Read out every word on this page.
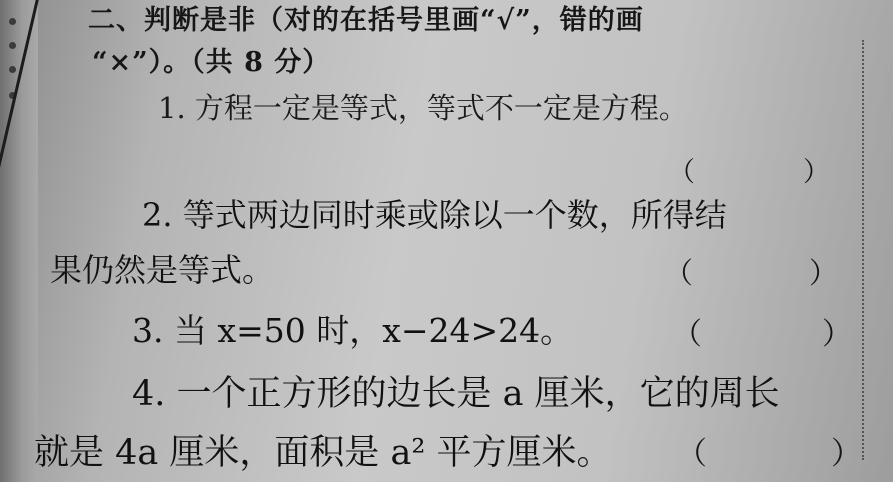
二、判断是非（对的在括号里画“√”，错的画
“×”）。（共 8 分）
1. 方程一定是等式，等式不一定是方程。
（　　　　）
2. 等式两边同时乘或除以一个数，所得结
果仍然是等式。	（　　　　）
3. 当 x=50 时，x−24>24。	（　　　　）
4. 一个正方形的边长是 a 厘米，它的周长
就是 4a 厘米，面积是 a² 平方厘米。 （　　　　）
